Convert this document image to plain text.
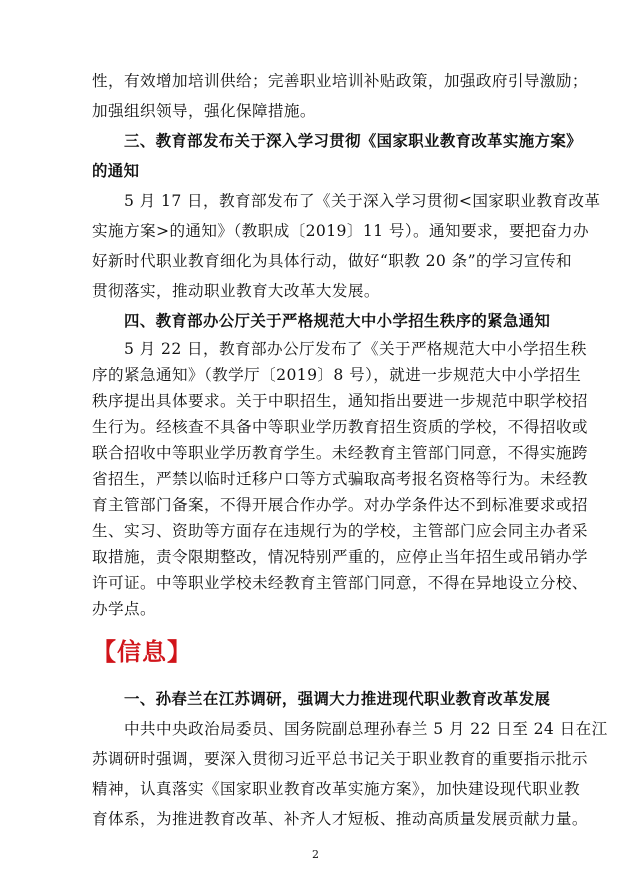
性，有效增加培训供给；完善职业培训补贴政策，加强政府引导激励；
加强组织领导，强化保障措施。
三、教育部发布关于深入学习贯彻《国家职业教育改革实施方案》
的通知
5 月 17 日，教育部发布了《关于深入学习贯彻<国家职业教育改革
实施方案>的通知》（教职成〔2019〕11 号）。通知要求，要把奋力办
好新时代职业教育细化为具体行动，做好“职教 20 条”的学习宣传和
贯彻落实，推动职业教育大改革大发展。
四、教育部办公厅关于严格规范大中小学招生秩序的紧急通知
5 月 22 日，教育部办公厅发布了《关于严格规范大中小学招生秩
序的紧急通知》（教学厅〔2019〕8 号），就进一步规范大中小学招生
秩序提出具体要求。关于中职招生，通知指出要进一步规范中职学校招
生行为。经核查不具备中等职业学历教育招生资质的学校，不得招收或
联合招收中等职业学历教育学生。未经教育主管部门同意，不得实施跨
省招生，严禁以临时迁移户口等方式骗取高考报名资格等行为。未经教
育主管部门备案，不得开展合作办学。对办学条件达不到标准要求或招
生、实习、资助等方面存在违规行为的学校，主管部门应会同主办者采
取措施，责令限期整改，情况特别严重的，应停止当年招生或吊销办学
许可证。中等职业学校未经教育主管部门同意，不得在异地设立分校、
【信息】
一、孙春兰在江苏调研，强调大力推进现代职业教育改革发展
中共中央政治局委员、国务院副总理孙春兰 5 月 22 日至 24 日在江
苏调研时强调，要深入贯彻习近平总书记关于职业教育的重要指示批示
精神，认真落实《国家职业教育改革实施方案》，加快建设现代职业教
育体系，为推进教育改革、补齐人才短板、推动高质量发展贡献力量。
2
办学点。
